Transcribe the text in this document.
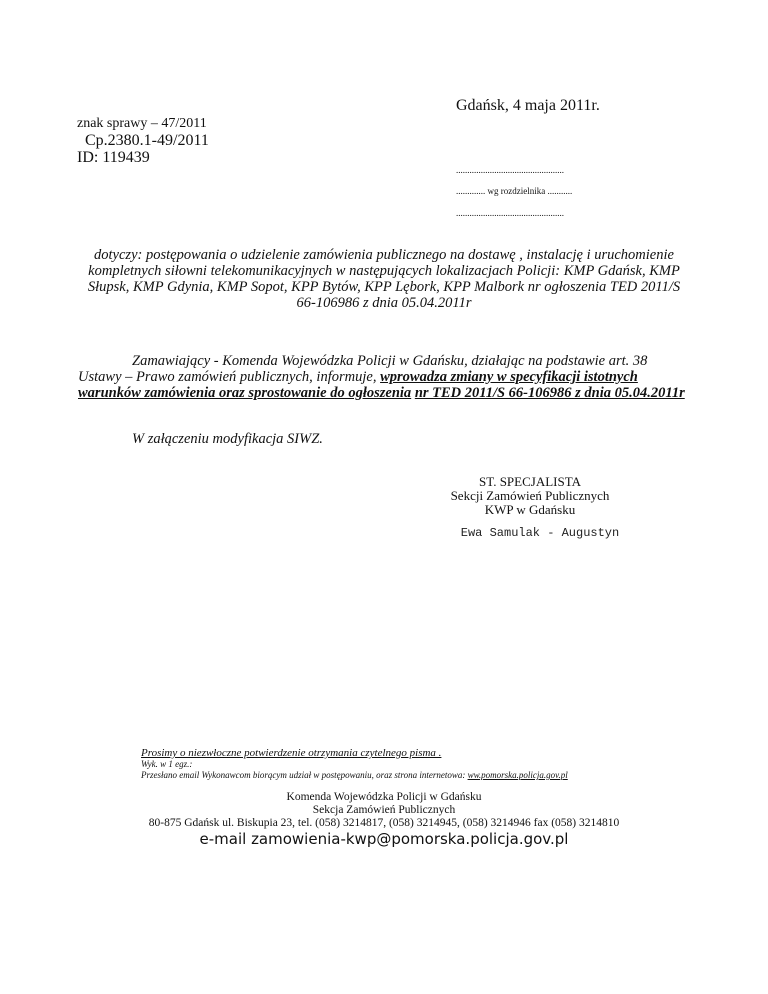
Gdańsk, 4 maja 2011r.
znak sprawy – 47/2011
Cp.2380.1-49/2011
ID: 119439
................................................
............. wg rozdzielnika ...........
................................................
dotyczy: postępowania o udzielenie zamówienia publicznego na dostawę , instalację i uruchomienie kompletnych siłowni telekomunikacyjnych w następujących lokalizacjach Policji: KMP Gdańsk, KMP Słupsk, KMP Gdynia, KMP Sopot, KPP Bytów, KPP Lębork, KPP Malbork nr ogłoszenia TED 2011/S 66-106986 z dnia 05.04.2011r
Zamawiający - Komenda Wojewódzka Policji w Gdańsku, działając na podstawie art. 38 Ustawy – Prawo zamówień publicznych, informuje, wprowadza zmiany w specyfikacji istotnych warunków zamówienia oraz sprostowanie do ogłoszenia nr TED 2011/S 66-106986 z dnia 05.04.2011r
W załączeniu modyfikacja SIWZ.
ST. SPECJALISTA
Sekcji Zamówień Publicznych
KWP w Gdańsku
Ewa Samulak - Augustyn
Prosimy o niezwłoczne potwierdzenie otrzymania czytelnego pisma .
Wyk. w 1 egz.:
Przesłano email Wykonawcom biorącym udział w postępowaniu, oraz strona internetowa: ww.pomorska.policja.gov.pl
Komenda Wojewódzka Policji w Gdańsku
Sekcja Zamówień Publicznych
80-875 Gdańsk ul. Biskupia 23, tel. (058) 3214817, (058) 3214945, (058) 3214946 fax (058) 3214810
e-mail zamowienia-kwp@pomorska.policja.gov.pl
